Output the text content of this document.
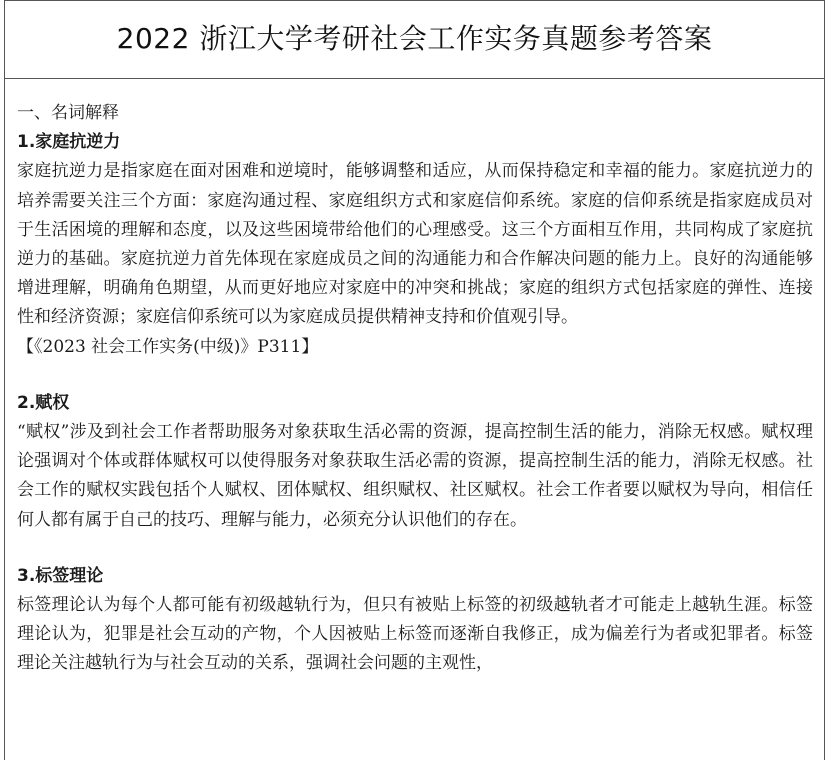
2022 浙江大学考研社会工作实务真题参考答案
一、名词解释
1.家庭抗逆力

家庭抗逆力是指家庭在面对困难和逆境时，能够调整和适应，从而保持稳定和幸福的能力。家庭抗逆力的培养需要关注三个方面：家庭沟通过程、家庭组织方式和家庭信仰系统。家庭的信仰系统是指家庭成员对于生活困境的理解和态度，以及这些困境带给他们的心理感受。这三个方面相互作用，共同构成了家庭抗逆力的基础。家庭抗逆力首先体现在家庭成员之间的沟通能力和合作解决问题的能力上。良好的沟通能够增进理解，明确角色期望，从而更好地应对家庭中的冲突和挑战；家庭的组织方式包括家庭的弹性、连接性和经济资源；家庭信仰系统可以为家庭成员提供精神支持和价值观引导。

【《2023 社会工作实务(中级)》P311】

2.赋权

“赋权”涉及到社会工作者帮助服务对象获取生活必需的资源，提高控制生活的能力，消除无权感。赋权理论强调对个体或群体赋权可以使得服务对象获取生活必需的资源，提高控制生活的能力，消除无权感。社会工作的赋权实践包括个人赋权、团体赋权、组织赋权、社区赋权。社会工作者要以赋权为导向，相信任何人都有属于自己的技巧、理解与能力，必须充分认识他们的存在。

3.标签理论

标签理论认为每个人都可能有初级越轨行为，但只有被贴上标签的初级越轨者才可能走上越轨生涯。标签理论认为，犯罪是社会互动的产物，个人因被贴上标签而逐渐自我修正，成为偏差行为者或犯罪者。标签理论关注越轨行为与社会互动的关系，强调社会问题的主观性，
